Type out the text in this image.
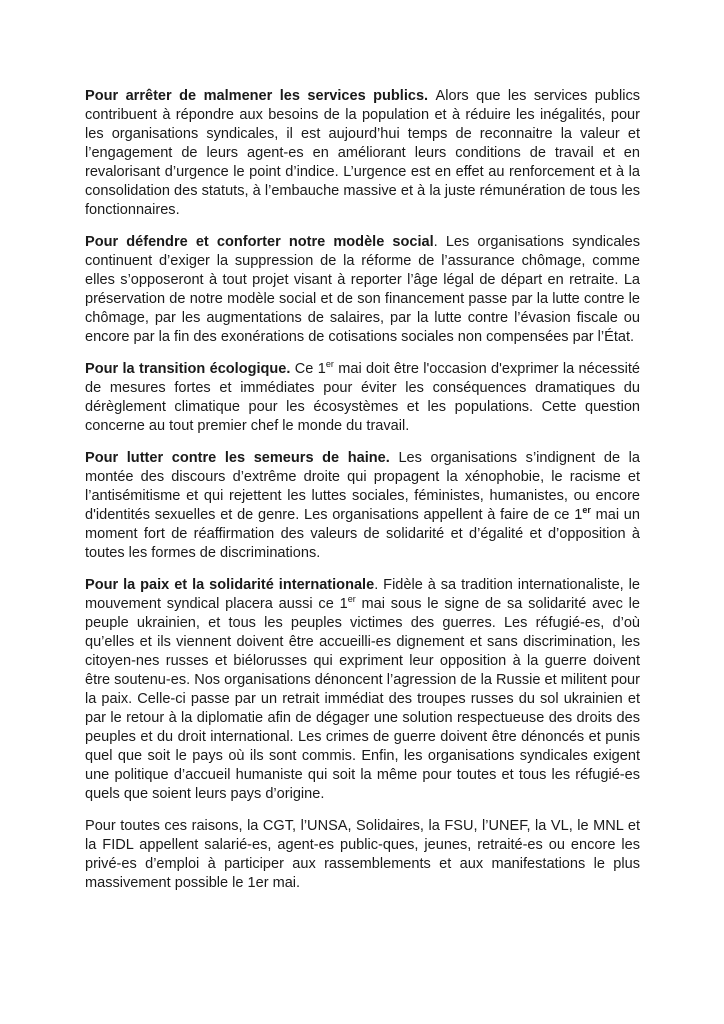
Pour arrêter de malmener les services publics. Alors que les services publics contribuent à répondre aux besoins de la population et à réduire les inégalités, pour les organisations syndicales, il est aujourd’hui temps de reconnaitre la valeur et l’engagement de leurs agent-es en améliorant leurs conditions de travail et en revalorisant d’urgence le point d’indice. L’urgence est en effet au renforcement et à la consolidation des statuts, à l’embauche massive et à la juste rémunération de tous les fonctionnaires.

Pour défendre et conforter notre modèle social. Les organisations syndicales continuent d’exiger la suppression de la réforme de l’assurance chômage, comme elles s’opposeront à tout projet visant à reporter l’âge légal de départ en retraite. La préservation de notre modèle social et de son financement passe par la lutte contre le chômage, par les augmentations de salaires, par la lutte contre l’évasion fiscale ou encore par la fin des exonérations de cotisations sociales non compensées par l’État.

Pour la transition écologique. Ce 1er mai doit être l'occasion d'exprimer la nécessité de mesures fortes et immédiates pour éviter les conséquences dramatiques du dérèglement climatique pour les écosystèmes et les populations. Cette question concerne au tout premier chef le monde du travail.

Pour lutter contre les semeurs de haine. Les organisations s’indignent de la montée des discours d’extrême droite qui propagent la xénophobie, le racisme et l’antisémitisme et qui rejettent les luttes sociales, féministes, humanistes, ou encore d'identités sexuelles et de genre. Les organisations appellent à faire de ce 1er mai un moment fort de réaffirmation des valeurs de solidarité et d’égalité et d’opposition à toutes les formes de discriminations.

Pour la paix et la solidarité internationale. Fidèle à sa tradition internationaliste, le mouvement syndical placera aussi ce 1er mai sous le signe de sa solidarité avec le peuple ukrainien, et tous les peuples victimes des guerres. Les réfugié-es, d’où qu’elles et ils viennent doivent être accueilli-es dignement et sans discrimination, les citoyen-nes russes et biélorusses qui expriment leur opposition à la guerre doivent être soutenu-es. Nos organisations dénoncent l’agression de la Russie et militent pour la paix. Celle-ci passe par un retrait immédiat des troupes russes du sol ukrainien et par le retour à la diplomatie afin de dégager une solution respectueuse des droits des peuples et du droit international. Les crimes de guerre doivent être dénoncés et punis quel que soit le pays où ils sont commis. Enfin, les organisations syndicales exigent une politique d’accueil humaniste qui soit la même pour toutes et tous les réfugié-es quels que soient leurs pays d’origine.

Pour toutes ces raisons, la CGT, l’UNSA, Solidaires, la FSU, l’UNEF, la VL, le MNL et la FIDL appellent salarié-es, agent-es public-ques, jeunes, retraité-es ou encore les privé-es d’emploi à participer aux rassemblements et aux manifestations le plus massivement possible le 1er mai.
